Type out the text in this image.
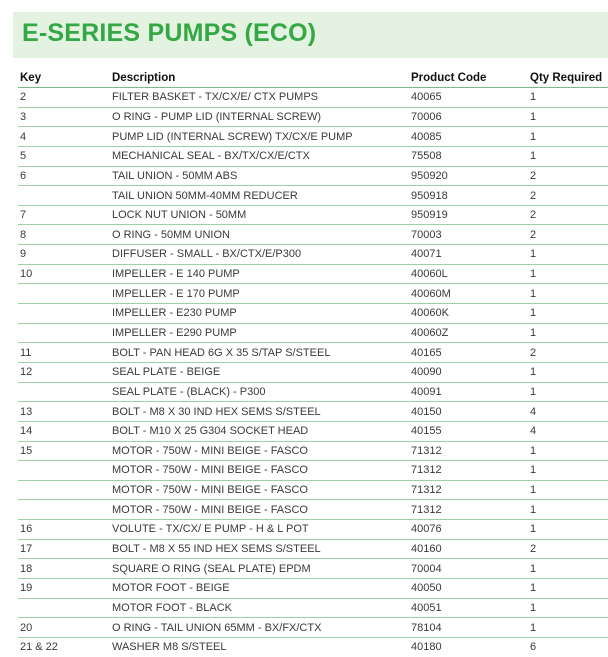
E-SERIES PUMPS (ECO)
Key	Description	Product Code	Qty Required
2	FILTER BASKET - TX/CX/E/ CTX PUMPS	40065	1
3	O RING - PUMP LID (INTERNAL SCREW)	70006	1
4	PUMP LID (INTERNAL SCREW) TX/CX/E PUMP	40085	1
5	MECHANICAL SEAL - BX/TX/CX/E/CTX	75508	1
6	TAIL UNION - 50MM ABS	950920	2
	TAIL UNION 50MM-40MM REDUCER	950918	2
7	LOCK NUT UNION - 50MM	950919	2
8	O RING - 50MM UNION	70003	2
9	DIFFUSER - SMALL - BX/CTX/E/P300	40071	1
10	IMPELLER - E 140 PUMP	40060L	1
	IMPELLER - E 170 PUMP	40060M	1
	IMPELLER - E230 PUMP	40060K	1
	IMPELLER - E290 PUMP	40060Z	1
11	BOLT - PAN HEAD 6G X 35 S/TAP S/STEEL	40165	2
12	SEAL PLATE - BEIGE	40090	1
	SEAL PLATE - (BLACK) - P300	40091	1
13	BOLT - M8 X 30 IND HEX SEMS S/STEEL	40150	4
14	BOLT - M10 X 25 G304 SOCKET HEAD	40155	4
15	MOTOR - 750W - MINI BEIGE - FASCO	71312	1
	MOTOR - 750W - MINI BEIGE - FASCO	71312	1
	MOTOR - 750W - MINI BEIGE - FASCO	71312	1
	MOTOR - 750W - MINI BEIGE - FASCO	71312	1
16	VOLUTE - TX/CX/ E PUMP - H & L POT	40076	1
17	BOLT - M8 X 55 IND HEX SEMS S/STEEL	40160	2
18	SQUARE O RING (SEAL PLATE) EPDM	70004	1
19	MOTOR FOOT - BEIGE	40050	1
	MOTOR FOOT - BLACK	40051	1
20	O RING - TAIL UNION 65MM - BX/FX/CTX	78104	1
21 & 22	WASHER M8 S/STEEL	40180	6
